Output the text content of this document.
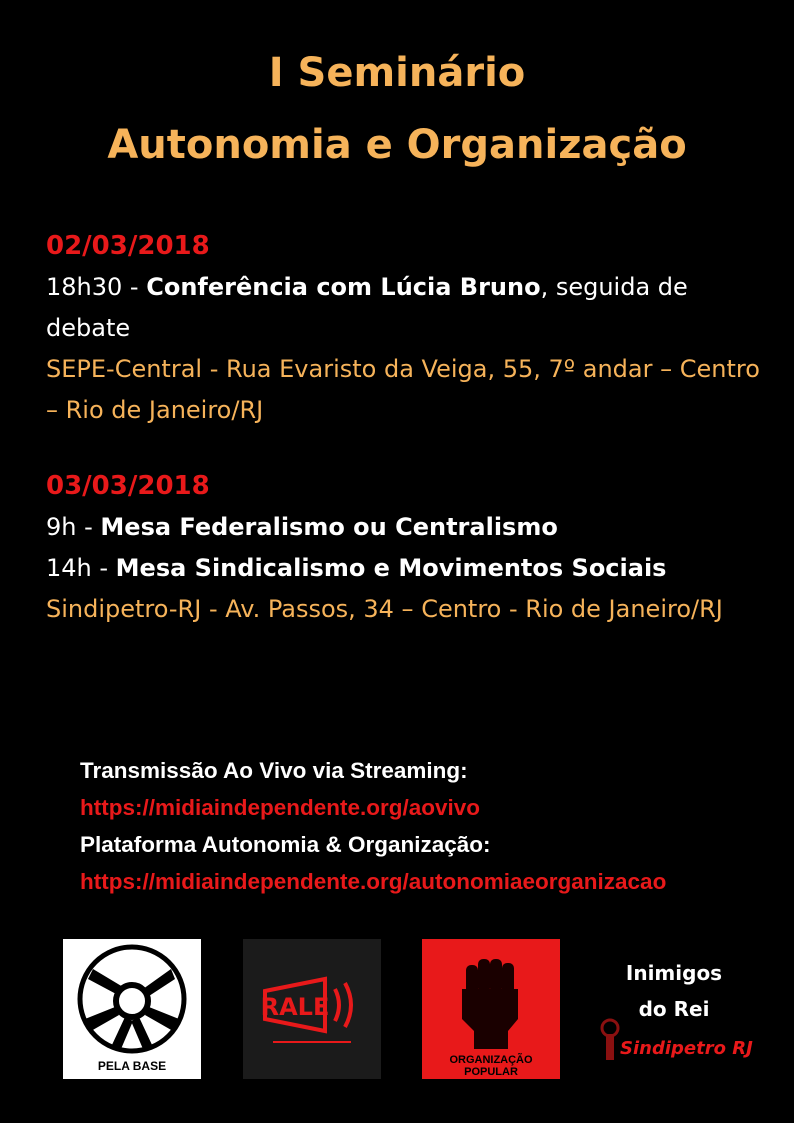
I Seminário
Autonomia e Organização
02/03/2018
18h30 - Conferência com Lúcia Bruno, seguida de debate
SEPE-Central - Rua Evaristo da Veiga, 55, 7º andar – Centro – Rio de Janeiro/RJ
03/03/2018
9h - Mesa Federalismo ou Centralismo
14h - Mesa Sindicalismo e Movimentos Sociais
Sindipetro-RJ - Av. Passos, 34 – Centro - Rio de Janeiro/RJ
Transmissão Ao Vivo via Streaming:
https://midiaindependente.org/aovivo
Plataforma Autonomia & Organização:
https://midiaindependente.org/autonomiaeorganizacao
PELA BASE
RALE
ORGANIZAÇÃO
POPULAR
Inimigos
do Rei
Sindipetro RJ
